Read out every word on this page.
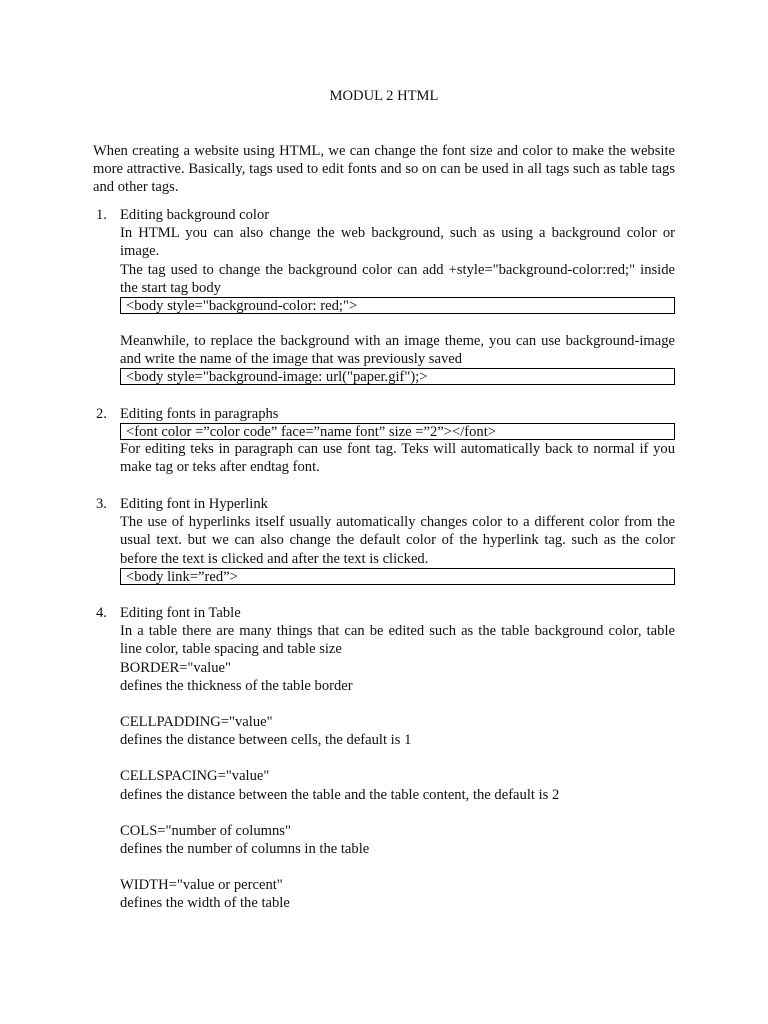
MODUL 2 HTML

When creating a website using HTML, we can change the font size and color to make the website more attractive. Basically, tags used to edit fonts and so on can be used in all tags such as table tags and other tags.

1. Editing background color

In HTML you can also change the web background, such as using a background color or image.

The tag used to change the background color can add +style="background-color:red;" inside the start tag body

<body style="background-color: red;">

Meanwhile, to replace the background with an image theme, you can use background-image and write the name of the image that was previously saved

<body style="background-image: url("paper.gif");>
2. Editing fonts in paragraphs
<font color =”color code” face=”name font” size =”2”></font>

For editing teks in paragraph can use font tag. Teks will automatically back to normal if you make tag or teks after endtag font.

3. Editing font in Hyperlink

The use of hyperlinks itself usually automatically changes color to a different color from the usual text. but we can also change the default color of the hyperlink tag. such as the color before the text is clicked and after the text is clicked.

<body link=”red”>
4. Editing font in Table

In a table there are many things that can be edited such as the table background color, table line color, table spacing and table size

BORDER="value"
defines the thickness of the table border
CELLPADDING="value"
defines the distance between cells, the default is 1
CELLSPACING="value"
defines the distance between the table and the table content, the default is 2
COLS="number of columns"
defines the number of columns in the table
WIDTH="value or percent"
defines the width of the table
